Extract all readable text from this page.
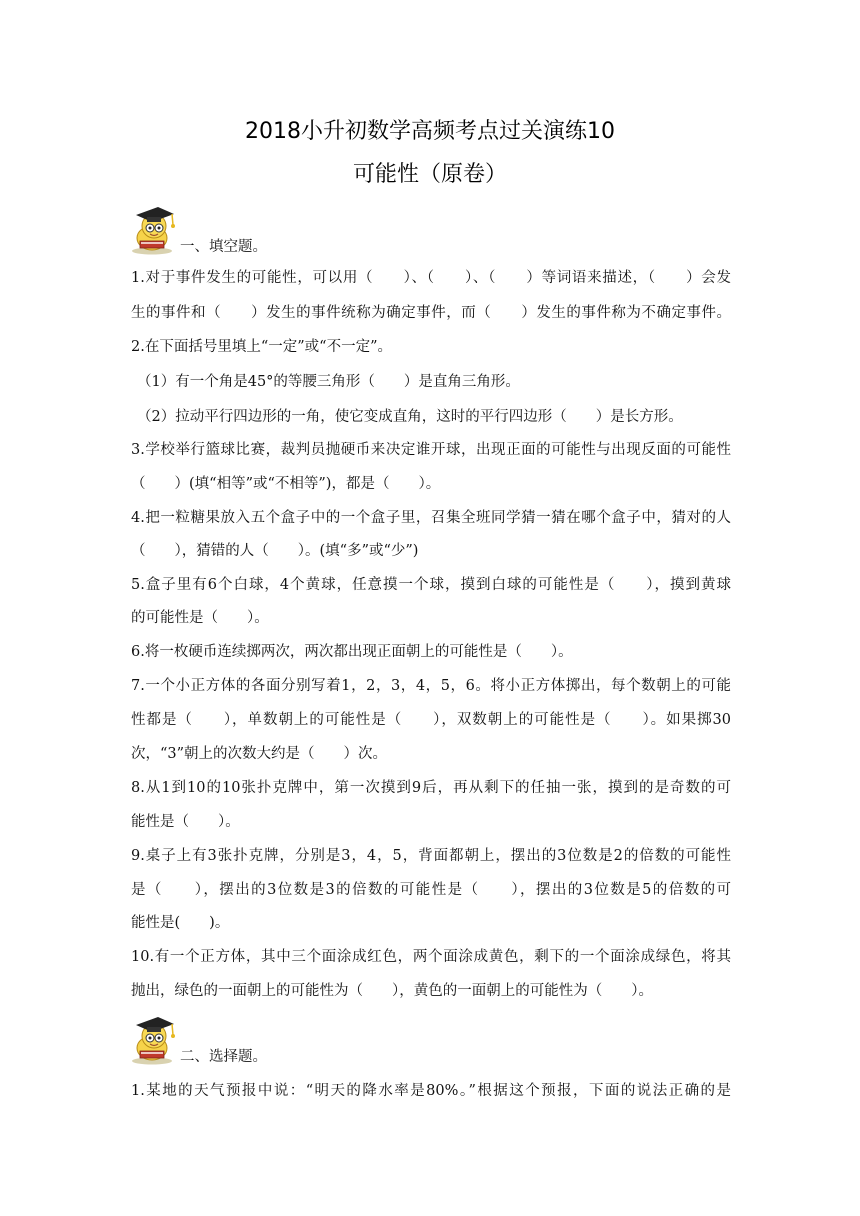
2018小升初数学高频考点过关演练10
可能性（原卷）
一、填空题。
1.对于事件发生的可能性，可以用（　　）、（　　）、（　　）等词语来描述，（　　）会发
生的事件和（　　）发生的事件统称为确定事件，而（　　）发生的事件称为不确定事件。
2.在下面括号里填上“一定”或“不一定”。
（1）有一个角是45°的等腰三角形（　　）是直角三角形。
（2）拉动平行四边形的一角，使它变成直角，这时的平行四边形（　　）是长方形。
3.学校举行篮球比赛，裁判员抛硬币来决定谁开球，出现正面的可能性与出现反面的可能性
（　　）(填“相等”或“不相等”)，都是（　　）。
4.把一粒糖果放入五个盒子中的一个盒子里，召集全班同学猜一猜在哪个盒子中，猜对的人
（　　），猜错的人（　　）。(填“多”或“少”)
5.盒子里有6个白球，4个黄球，任意摸一个球，摸到白球的可能性是（　　），摸到黄球
的可能性是（　　）。
6.将一枚硬币连续掷两次，两次都出现正面朝上的可能性是（　　）。
7.一个小正方体的各面分别写着1，2，3，4，5，6。将小正方体掷出，每个数朝上的可能
性都是（　　），单数朝上的可能性是（　　），双数朝上的可能性是（　　）。如果掷30
次，“3”朝上的次数大约是（　　）次。
8.从1到10的10张扑克牌中，第一次摸到9后，再从剩下的任抽一张，摸到的是奇数的可
能性是（　　）。
9.桌子上有3张扑克牌，分别是3，4，5，背面都朝上，摆出的3位数是2的倍数的可能性
是（　　），摆出的3位数是3的倍数的可能性是（　　），摆出的3位数是5的倍数的可
能性是(　　)。
10.有一个正方体，其中三个面涂成红色，两个面涂成黄色，剩下的一个面涂成绿色，将其
抛出，绿色的一面朝上的可能性为（　　），黄色的一面朝上的可能性为（　　）。
二、选择题。
1.某地的天气预报中说：“明天的降水率是80%。”根据这个预报，下面的说法正确的是
